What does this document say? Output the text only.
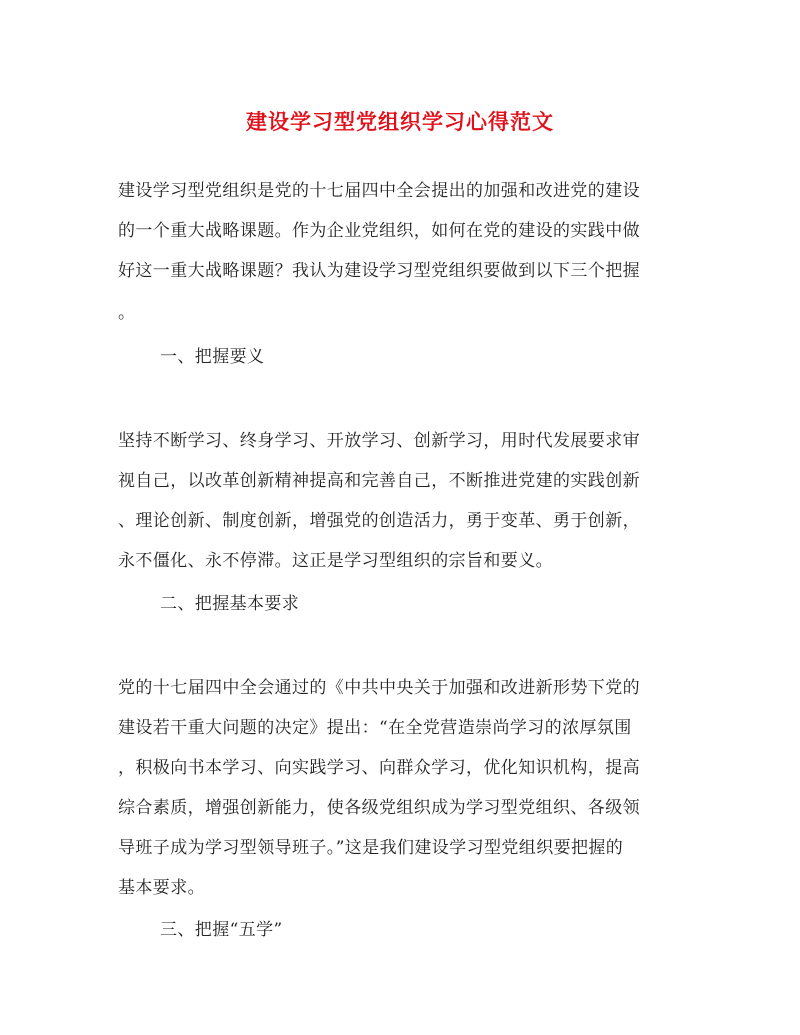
建设学习型党组织学习心得范文
建设学习型党组织是党的十七届四中全会提出的加强和改进党的建设
的一个重大战略课题。作为企业党组织，如何在党的建设的实践中做
好这一重大战略课题？我认为建设学习型党组织要做到以下三个把握
。
一、把握要义
坚持不断学习、终身学习、开放学习、创新学习，用时代发展要求审
视自己，以改革创新精神提高和完善自己，不断推进党建的实践创新
、理论创新、制度创新，增强党的创造活力，勇于变革、勇于创新，
永不僵化、永不停滞。这正是学习型组织的宗旨和要义。
二、把握基本要求
党的十七届四中全会通过的《中共中央关于加强和改进新形势下党的
建设若干重大问题的决定》提出：“在全党营造崇尚学习的浓厚氛围
，积极向书本学习、向实践学习、向群众学习，优化知识机构，提高
综合素质，增强创新能力，使各级党组织成为学习型党组织、各级领
导班子成为学习型领导班子。”这是我们建设学习型党组织要把握的
基本要求。
三、把握“五学”
